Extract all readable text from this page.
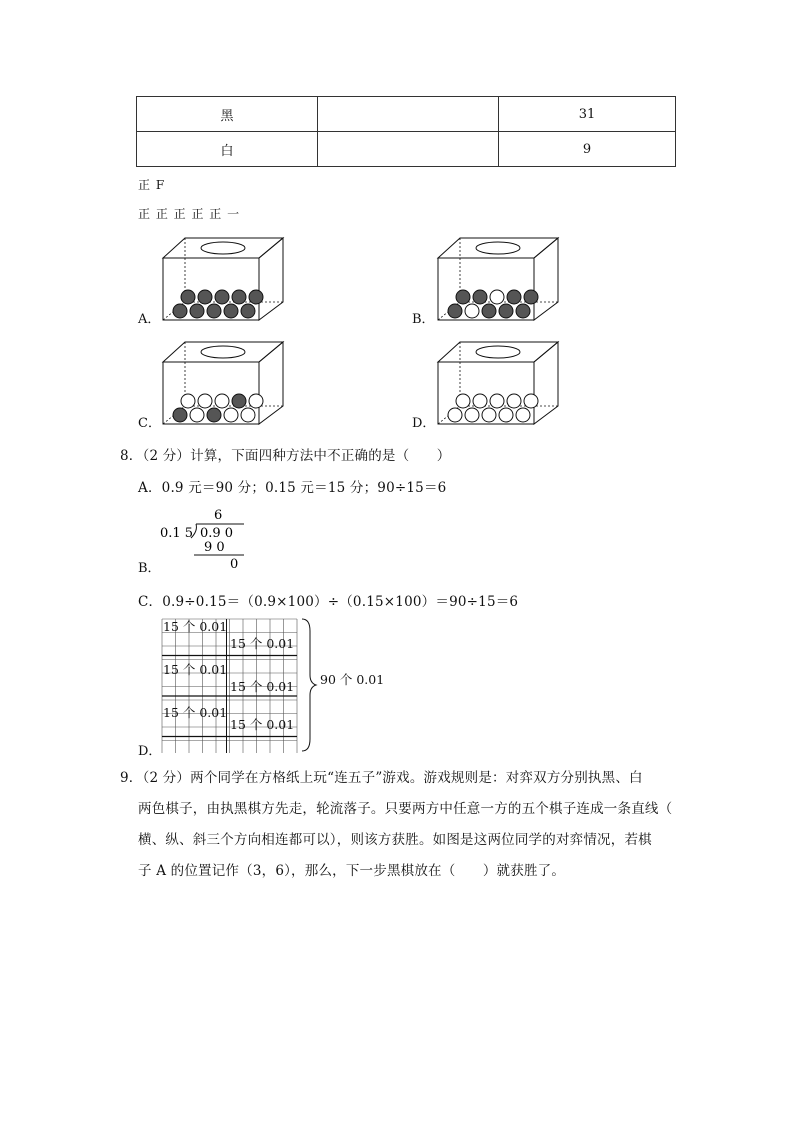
黑		31
白		9
正 F
正 正 正 正 正 一
A．	B．
C．	D．
8．（2 分）计算，下面四种方法中不正确的是（　　）
A．0.9 元＝90 分；0.15 元＝15 分；90÷15＝6
B．
6
0.1 5 0.9 0
9 0
0
C．0.9÷0.15＝（0.9×100）÷（0.15×100）＝90÷15＝6
D．
15 个 0.01
15 个 0.01
15 个 0.01
15 个 0.01
15 个 0.01
15 个 0.01
90 个 0.01
9．（2 分）两个同学在方格纸上玩“连五子”游戏。游戏规则是：对弈双方分别执黑、白
两色棋子，由执黑棋方先走，轮流落子。只要两方中任意一方的五个棋子连成一条直线（
横、纵、斜三个方向相连都可以），则该方获胜。如图是这两位同学的对弈情况，若棋
子 A 的位置记作（3，6），那么，下一步黑棋放在（　　）就获胜了。
